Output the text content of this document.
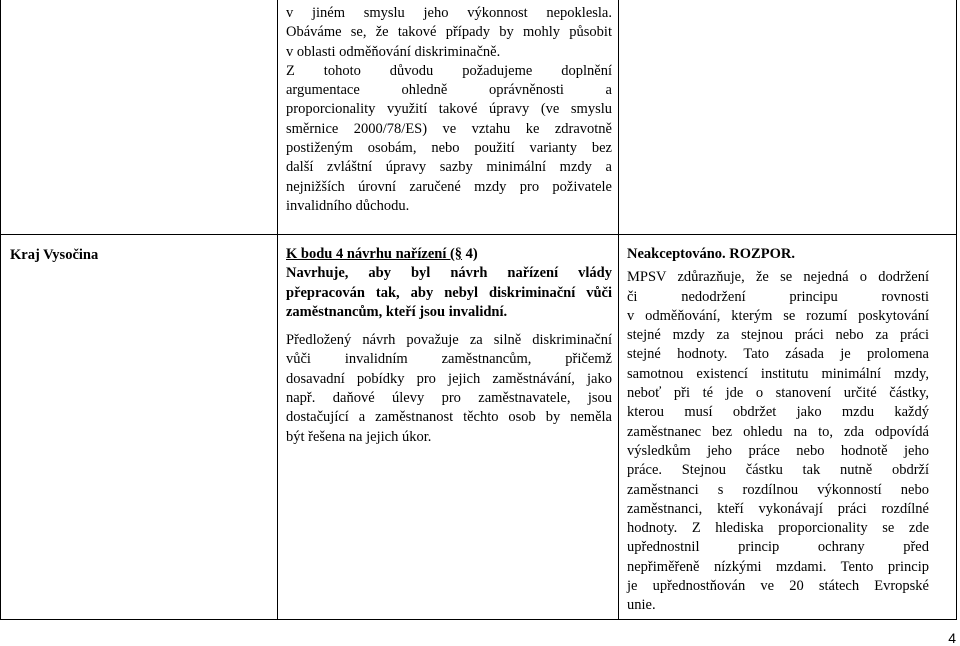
v jiném smyslu jeho výkonnost nepoklesla.

Obáváme se, že takové případy by mohly působit

v oblasti odměňování diskriminačně.

Z tohoto důvodu požadujeme doplnění

argumentace ohledně oprávněnosti a

proporcionality využití takové úpravy (ve smyslu

směrnice 2000/78/ES) ve vztahu ke zdravotně

postiženým osobám, nebo použití varianty bez

další zvláštní úpravy sazby minimální mzdy a

nejnižších úrovní zaručené mzdy pro poživatele

invalidního důchodu.

Kraj Vysočina	K bodu 4 návrhu nařízení (§ 4)

Navrhuje, aby byl návrh nařízení vlády

přepracován tak, aby nebyl diskriminační vůči

zaměstnancům, kteří jsou invalidní.

Předložený návrh považuje za silně diskriminační

vůči invalidním zaměstnancům, přičemž

dosavadní pobídky pro jejich zaměstnávání, jako

např. daňové úlevy pro zaměstnavatele, jsou

dostačující a zaměstnanost těchto osob by neměla

být řešena na jejich úkor.

Neakceptováno. ROZPOR.

MPSV zdůrazňuje, že se nejedná o dodržení

či nedodržení principu rovnosti

v odměňování, kterým se rozumí poskytování

stejné mzdy za stejnou práci nebo za práci

stejné hodnoty. Tato zásada je prolomena

samotnou existencí institutu minimální mzdy,

neboť při té jde o stanovení určité částky,

kterou musí obdržet jako mzdu každý

zaměstnanec bez ohledu na to, zda odpovídá

výsledkům jeho práce nebo hodnotě jeho

práce. Stejnou částku tak nutně obdrží

zaměstnanci s rozdílnou výkonností nebo

zaměstnanci, kteří vykonávají práci rozdílné

hodnoty. Z hlediska proporcionality se zde

upřednostnil princip ochrany před

nepřiměřeně nízkými mzdami. Tento princip

je upřednostňován ve 20 státech Evropské

unie.

4
